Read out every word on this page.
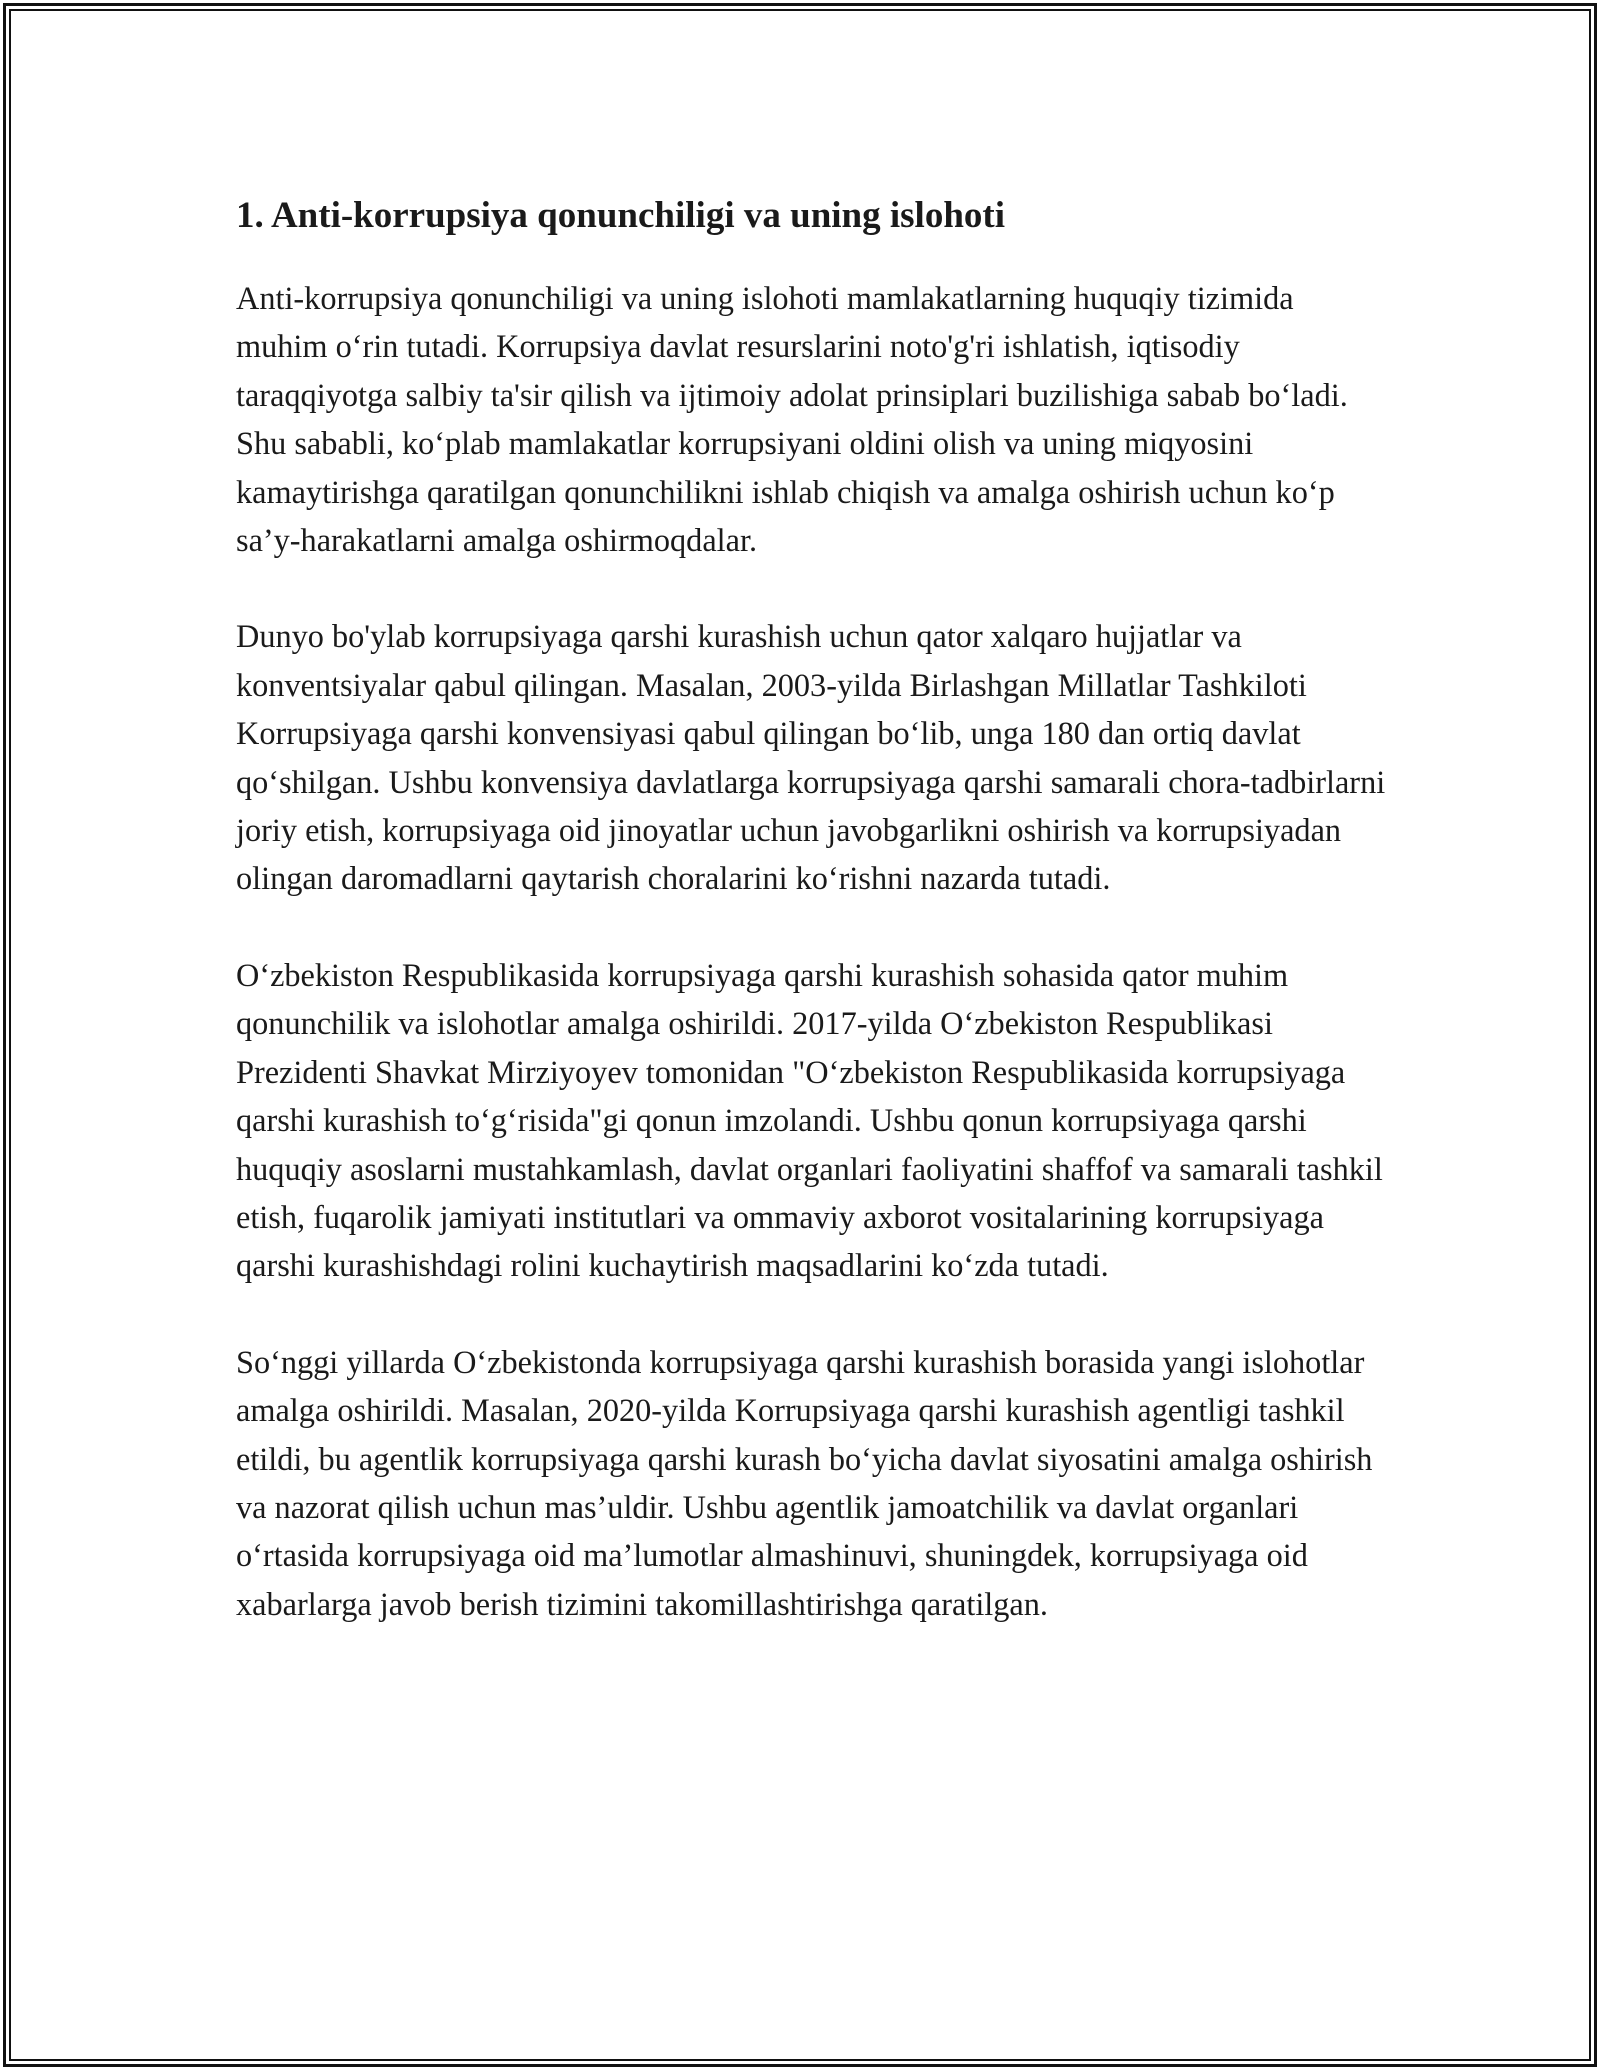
1. Anti-korrupsiya qonunchiligi va uning islohoti

Anti-korrupsiya qonunchiligi va uning islohoti mamlakatlarning huquqiy tizimida muhim o‘rin tutadi. Korrupsiya davlat resurslarini noto'g'ri ishlatish, iqtisodiy taraqqiyotga salbiy ta'sir qilish va ijtimoiy adolat prinsiplari buzilishiga sabab bo‘ladi. Shu sababli, ko‘plab mamlakatlar korrupsiyani oldini olish va uning miqyosini kamaytirishga qaratilgan qonunchilikni ishlab chiqish va amalga oshirish uchun ko‘p sa’y-harakatlarni amalga oshirmoqdalar.

Dunyo bo'ylab korrupsiyaga qarshi kurashish uchun qator xalqaro hujjatlar va konventsiyalar qabul qilingan. Masalan, 2003-yilda Birlashgan Millatlar Tashkiloti Korrupsiyaga qarshi konvensiyasi qabul qilingan bo‘lib, unga 180 dan ortiq davlat qo‘shilgan. Ushbu konvensiya davlatlarga korrupsiyaga qarshi samarali chora-tadbirlarni joriy etish, korrupsiyaga oid jinoyatlar uchun javobgarlikni oshirish va korrupsiyadan olingan daromadlarni qaytarish choralarini ko‘rishni nazarda tutadi.

O‘zbekiston Respublikasida korrupsiyaga qarshi kurashish sohasida qator muhim qonunchilik va islohotlar amalga oshirildi. 2017-yilda O‘zbekiston Respublikasi Prezidenti Shavkat Mirziyoyev tomonidan "O‘zbekiston Respublikasida korrupsiyaga qarshi kurashish to‘g‘risida"gi qonun imzolandi. Ushbu qonun korrupsiyaga qarshi huquqiy asoslarni mustahkamlash, davlat organlari faoliyatini shaffof va samarali tashkil etish, fuqarolik jamiyati institutlari va ommaviy axborot vositalarining korrupsiyaga qarshi kurashishdagi rolini kuchaytirish maqsadlarini ko‘zda tutadi.

So‘nggi yillarda O‘zbekistonda korrupsiyaga qarshi kurashish borasida yangi islohotlar amalga oshirildi. Masalan, 2020-yilda Korrupsiyaga qarshi kurashish agentligi tashkil etildi, bu agentlik korrupsiyaga qarshi kurash bo‘yicha davlat siyosatini amalga oshirish va nazorat qilish uchun mas’uldir. Ushbu agentlik jamoatchilik va davlat organlari o‘rtasida korrupsiyaga oid ma’lumotlar almashinuvi, shuningdek, korrupsiyaga oid xabarlarga javob berish tizimini takomillashtirishga qaratilgan.
